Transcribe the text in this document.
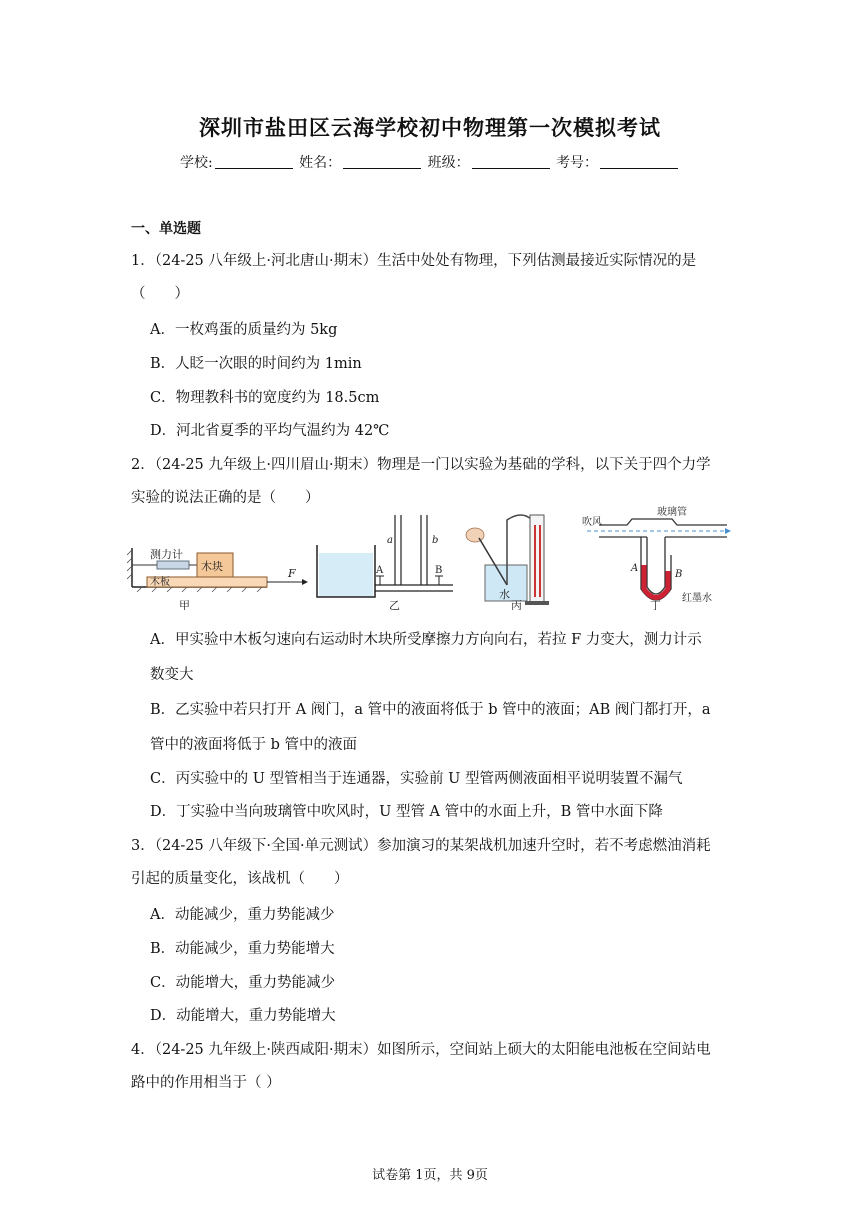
深圳市盐田区云海学校初中物理第一次模拟考试
学校:	姓名：	班级：	考号：
一、单选题
1．（24-25 八年级上·河北唐山·期末）生活中处处有物理，下列估测最接近实际情况的是
（　　）
A．一枚鸡蛋的质量约为 5kg
B．人眨一次眼的时间约为 1min
C．物理教科书的宽度约为 18.5cm
D．河北省夏季的平均气温约为 42℃
2．（24-25 九年级上·四川眉山·期末）物理是一门以实验为基础的学科，以下关于四个力学
实验的说法正确的是（　　）
测力计
木块
木板
F
甲
a	b
A	B
乙
水
丙
玻璃管
吹风
A
B
红墨水
丁
A．甲实验中木板匀速向右运动时木块所受摩擦力方向向右，若拉 F 力变大，测力计示
数变大
B．乙实验中若只打开 A 阀门，a 管中的液面将低于 b 管中的液面；AB 阀门都打开，a
管中的液面将低于 b 管中的液面
C．丙实验中的 U 型管相当于连通器，实验前 U 型管两侧液面相平说明装置不漏气
D．丁实验中当向玻璃管中吹风时，U 型管 A 管中的水面上升，B 管中水面下降
3．（24-25 八年级下·全国·单元测试）参加演习的某架战机加速升空时，若不考虑燃油消耗
引起的质量变化，该战机（　　）
A．动能减少，重力势能减少
B．动能减少，重力势能增大
C．动能增大，重力势能减少
D．动能增大，重力势能增大
4．（24-25 九年级上·陕西咸阳·期末）如图所示，空间站上硕大的太阳能电池板在空间站电
路中的作用相当于（ ）
试卷第 1页，共 9页
